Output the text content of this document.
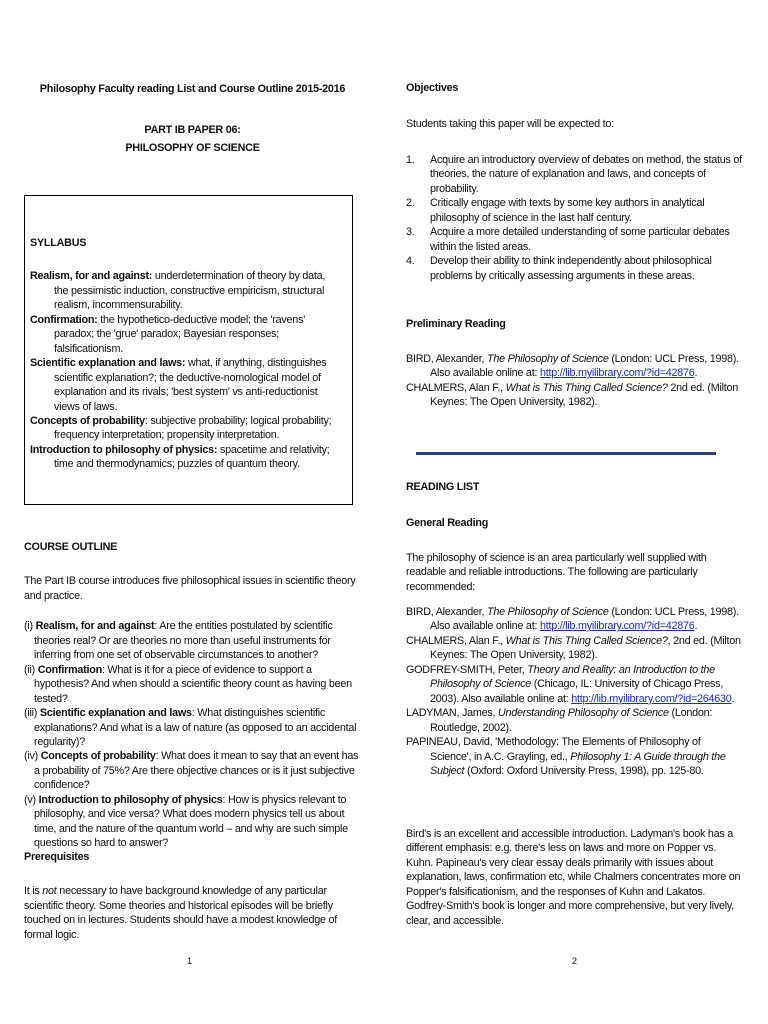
Philosophy Faculty reading List and Course Outline 2015-2016

PART IB PAPER 06:

PHILOSOPHY OF SCIENCE

SYLLABUS

Realism, for and against: underdetermination of theory by data, the pessimistic induction, constructive empiricism, structural realism, incommensurability.

Confirmation: the hypothetico-deductive model; the 'ravens' paradox; the 'grue' paradox; Bayesian responses; falsificationism.

Scientific explanation and laws: what, if anything, distinguishes scientific explanation?; the deductive-nomological model of explanation and its rivals; 'best system' vs anti-reductionist views of laws.

Concepts of probability: subjective probability; logical probability; frequency interpretation; propensity interpretation.

Introduction to philosophy of physics: spacetime and relativity; time and thermodynamics; puzzles of quantum theory.

COURSE OUTLINE

The Part IB course introduces five philosophical issues in scientific theory and practice.

(i) Realism, for and against: Are the entities postulated by scientific theories real? Or are theories no more than useful instruments for inferring from one set of observable circumstances to another?

(ii) Confirmation: What is it for a piece of evidence to support a hypothesis? And when should a scientific theory count as having been tested?

(iii) Scientific explanation and laws: What distinguishes scientific explanations? And what is a law of nature (as opposed to an accidental regularity)?

(iv) Concepts of probability: What does it mean to say that an event has a probability of 75%? Are there objective chances or is it just subjective confidence?

(v) Introduction to philosophy of physics: How is physics relevant to philosophy, and vice versa? What does modern physics tell us about time, and the nature of the quantum world – and why are such simple questions so hard to answer?

Prerequisites

It is not necessary to have background knowledge of any particular scientific theory. Some theories and historical episodes will be briefly touched on in lectures. Students should have a modest knowledge of formal logic.

1

Objectives

Students taking this paper will be expected to:

1. Acquire an introductory overview of debates on method, the status of theories, the nature of explanation and laws, and concepts of probability.
2. Critically engage with texts by some key authors in analytical philosophy of science in the last half century.
3. Acquire a more detailed understanding of some particular debates within the listed areas.
4. Develop their ability to think independently about philosophical problems by critically assessing arguments in these areas.

Preliminary Reading

BIRD, Alexander, The Philosophy of Science (London: UCL Press, 1998). Also available online at: http://lib.myilibrary.com/?id=42876.

CHALMERS, Alan F., What is This Thing Called Science? 2nd ed. (Milton Keynes: The Open University, 1982).

READING LIST

General Reading

The philosophy of science is an area particularly well supplied with readable and reliable introductions. The following are particularly recommended:

BIRD, Alexander, The Philosophy of Science (London: UCL Press, 1998). Also available online at: http://lib.myilibrary.com/?id=42876.

CHALMERS, Alan F., What is This Thing Called Science?, 2nd ed. (Milton Keynes: The Open University, 1982).

GODFREY-SMITH, Peter, Theory and Reality: an Introduction to the Philosophy of Science (Chicago, IL: University of Chicago Press, 2003). Also available online at: http://lib.myilibrary.com/?id=264630.

LADYMAN, James, Understanding Philosophy of Science (London: Routledge, 2002).

PAPINEAU, David, 'Methodology: The Elements of Philosophy of Science', in A.C. Grayling, ed., Philosophy 1: A Guide through the Subject (Oxford: Oxford University Press, 1998), pp. 125-80.

Bird's is an excellent and accessible introduction. Ladyman's book has a different emphasis: e.g. there's less on laws and more on Popper vs. Kuhn. Papineau's very clear essay deals primarily with issues about explanation, laws, confirmation etc, while Chalmers concentrates more on Popper's falsificationism, and the responses of Kuhn and Lakatos. Godfrey-Smith's book is longer and more comprehensive, but very lively, clear, and accessible.

2
